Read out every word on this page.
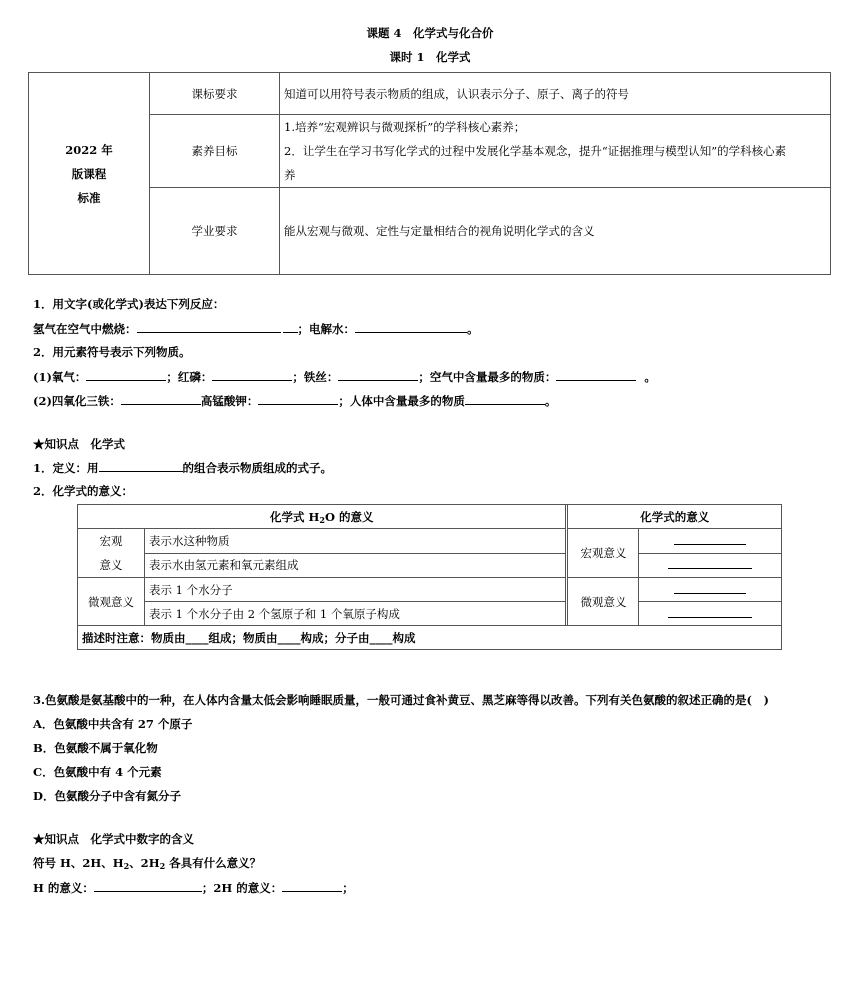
课题 4　化学式与化合价
课时 1　化学式
2022 年
版课程
标准	课标要求	知道可以用符号表示物质的组成，认识表示分子、原子、离子的符号
	素养目标	1.培养“宏观辨识与微观探析”的学科核心素养；
2．让学生在学习书写化学式的过程中发展化学基本观念，提升“证据推理与模型认知”的学科核心素
养

	学业要求	能从宏观与微观、定性与定量相结合的视角说明化学式的含义
1．用文字(或化学式)表达下列反应：
氢气在空气中燃烧：	；电解水：	。
2．用元素符号表示下列物质。
(1)氧气：	；红磷：	；铁丝：	；空气中含量最多的物质：	。
(2)四氧化三铁：	高锰酸钾：	；人体中含量最多的物质	。
★知识点　化学式
1．定义：用	的组合表示物质组成的式子。
2．化学式的意义：
化学式 $H_2O$ 的意义			化学式的意义	

宏观
意义	表示水这种物质		宏观意义	
	表示水由氢元素和氧元素组成			
微观意义	表示 1 个水分子		微观意义	
	表示 1 个水分子由 2 个氢原子和 1 个氧原子构成			
描述时注意：物质由____组成；物质由____构成；分子由____构成				
3.色氨酸是氨基酸中的一种，在人体内含量太低会影响睡眠质量，一般可通过食补黄豆、黑芝麻等得以改善。下列有关色氨酸的叙述正确的是(　)
A．色氨酸中共含有 27 个原子
B．色氨酸不属于氧化物
C．色氨酸中有 4 个元素
D．色氨酸分子中含有氮分子
★知识点　化学式中数字的含义
符号 H、2H、$H_2$、$2H_2$ 各具有什么意义？
H 的意义：	；2H 的意义：	；
